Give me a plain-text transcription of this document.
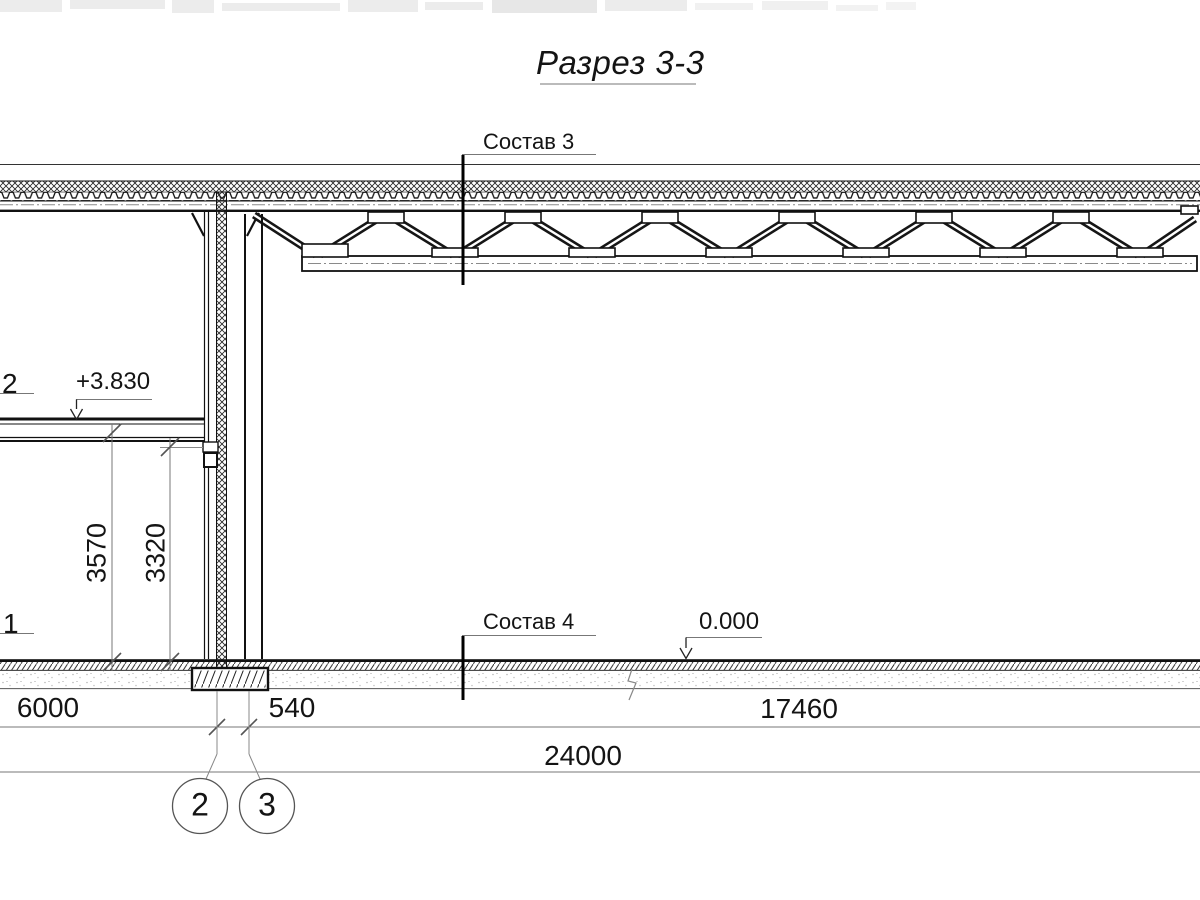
Разрез 3-3
Состав 3
Состав 4
+3.830
0.000
6000	540	17460
24000
3570 3320
2 3
2
1
